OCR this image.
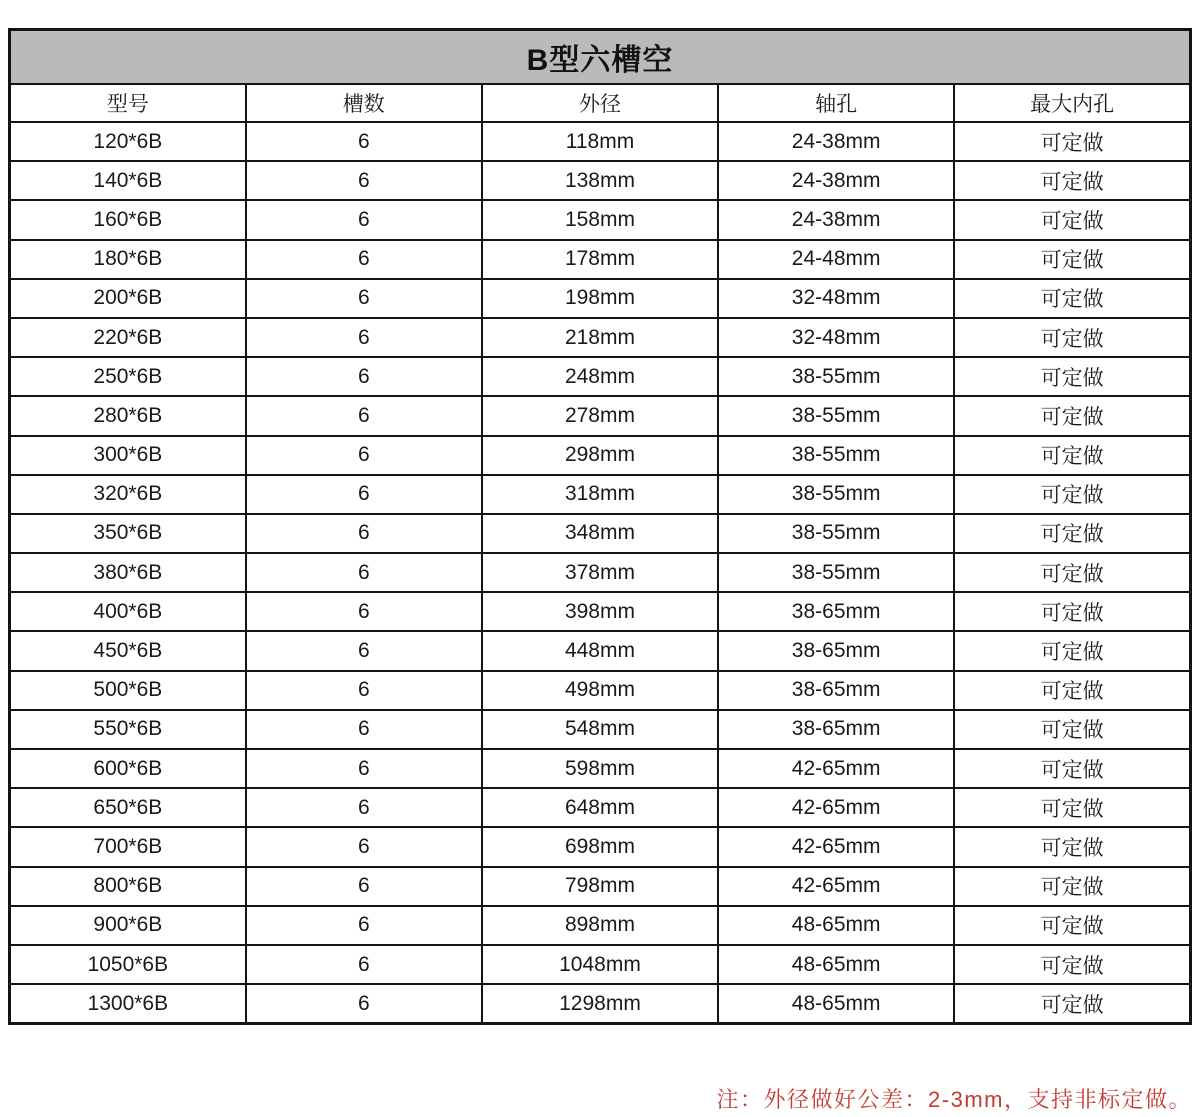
B型六槽空				
型号	槽数	外径	轴孔	最大内孔
120*6B	6	118mm	24-38mm	可定做
140*6B	6	138mm	24-38mm	可定做
160*6B	6	158mm	24-38mm	可定做
180*6B	6	178mm	24-48mm	可定做
200*6B	6	198mm	32-48mm	可定做
220*6B	6	218mm	32-48mm	可定做
250*6B	6	248mm	38-55mm	可定做
280*6B	6	278mm	38-55mm	可定做
300*6B	6	298mm	38-55mm	可定做
320*6B	6	318mm	38-55mm	可定做
350*6B	6	348mm	38-55mm	可定做
380*6B	6	378mm	38-55mm	可定做
400*6B	6	398mm	38-65mm	可定做
450*6B	6	448mm	38-65mm	可定做
500*6B	6	498mm	38-65mm	可定做
550*6B	6	548mm	38-65mm	可定做
600*6B	6	598mm	42-65mm	可定做
650*6B	6	648mm	42-65mm	可定做
700*6B	6	698mm	42-65mm	可定做
800*6B	6	798mm	42-65mm	可定做
900*6B	6	898mm	48-65mm	可定做
1050*6B	6	1048mm	48-65mm	可定做
1300*6B	6	1298mm	48-65mm	可定做
注：外径做好公差：2-3mm，支持非标定做。
